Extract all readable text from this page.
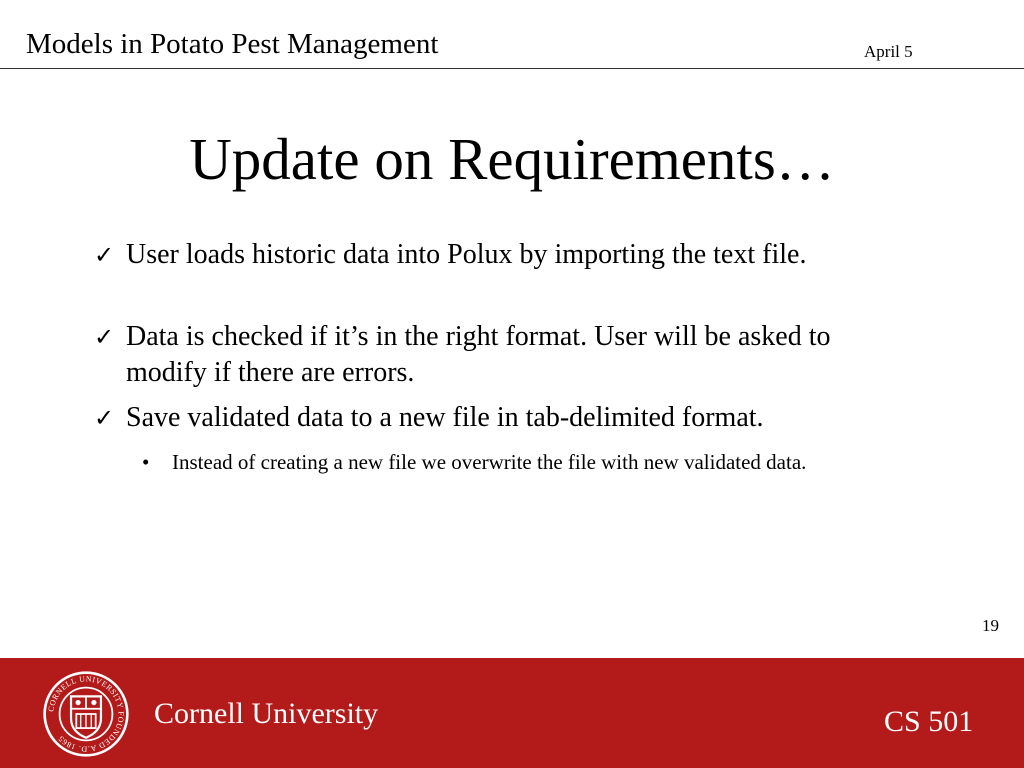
Models in Potato Pest Management	April 5
Update on Requirements…
✓ User loads historic data into Polux by importing the text file.
✓ Data is checked if it’s in the right format. User will be asked to modify if there are errors.
✓ Save validated data to a new file in tab-delimited format.
• Instead of creating a new file we overwrite the file with new validated data.
19
CORNELL UNIVERSITY FOUNDED A.D. 1865
Cornell University	CS 501
